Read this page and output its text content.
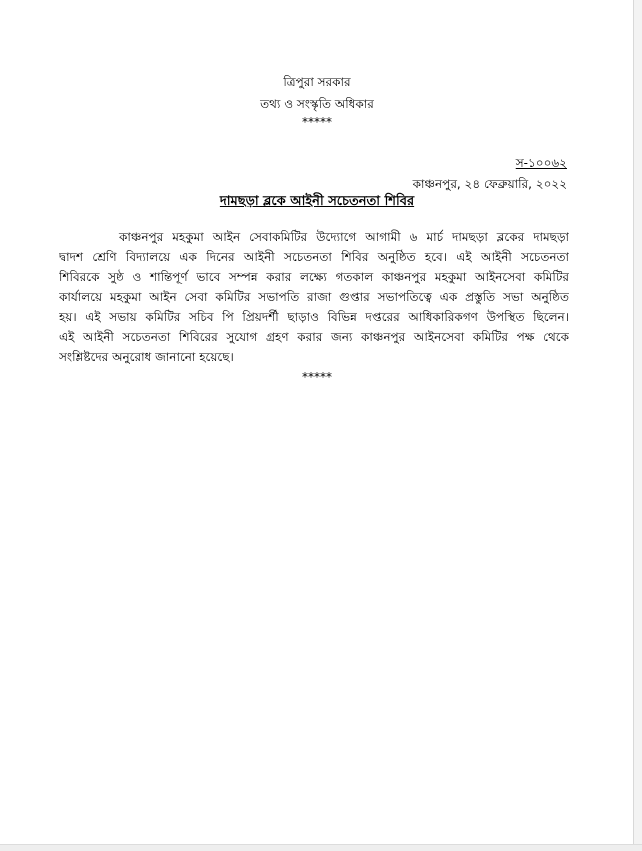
ত্রিপুরা সরকার
তথ্য ও সংস্কৃতি অধিকার
*****
স-১০০৬২
কাঞ্চনপুর, ২৪ ফেব্রুয়ারি, ২০২২
দামছড়া ব্লকে আইনী সচেতনতা শিবির
কাঞ্চনপুর মহকুমা আইন সেবাকমিটির উদ্যোগে আগামী ৬ মার্চ দামছড়া ব্লকের দামছড়া
দ্বাদশ শ্রেণি বিদ্যালয়ে এক দিনের আইনী সচেতনতা শিবির অনুষ্ঠিত হবে। এই আইনী সচেতনতা
শিবিরকে সুষ্ঠ ও শান্তিপূর্ণ ভাবে সম্পন্ন করার লক্ষ্যে গতকাল কাঞ্চনপুর মহকুমা আইনসেবা কমিটির
কার্যালয়ে মহকুমা আইন সেবা কমিটির সভাপতি রাজা গুপ্তার সভাপতিত্বে এক প্রস্তুতি সভা অনুষ্ঠিত
হয়। এই সভায় কমিটির সচিব পি প্রিয়দর্শী ছাড়াও বিভিন্ন দপ্তরের আধিকারিকগণ উপস্থিত ছিলেন।
এই আইনী সচেতনতা শিবিরের সুযোগ গ্রহণ করার জন্য কাঞ্চনপুর আইনসেবা কমিটির পক্ষ থেকে
সংশ্লিষ্টদের অনুরোধ জানানো হয়েছে।
*****
